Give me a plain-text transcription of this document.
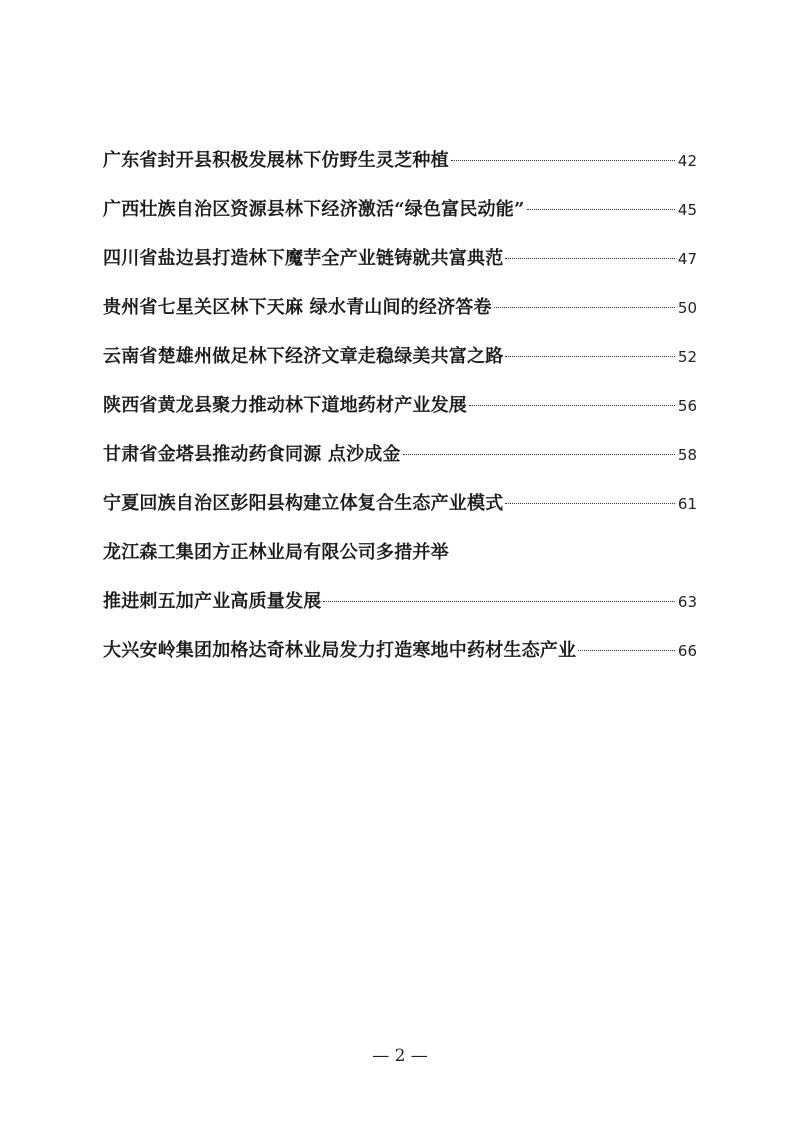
广东省封开县积极发展林下仿野生灵芝种植	42
广西壮族自治区资源县林下经济激活“绿色富民动能”	45
四川省盐边县打造林下魔芋全产业链铸就共富典范	47
贵州省七星关区林下天麻 绿水青山间的经济答卷	50
云南省楚雄州做足林下经济文章走稳绿美共富之路	52
陕西省黄龙县聚力推动林下道地药材产业发展	56
甘肃省金塔县推动药食同源 点沙成金	58
宁夏回族自治区彭阳县构建立体复合生态产业模式	61
龙江森工集团方正林业局有限公司多措并举
推进刺五加产业高质量发展	63
大兴安岭集团加格达奇林业局发力打造寒地中药材生态产业	66
— 2 —
